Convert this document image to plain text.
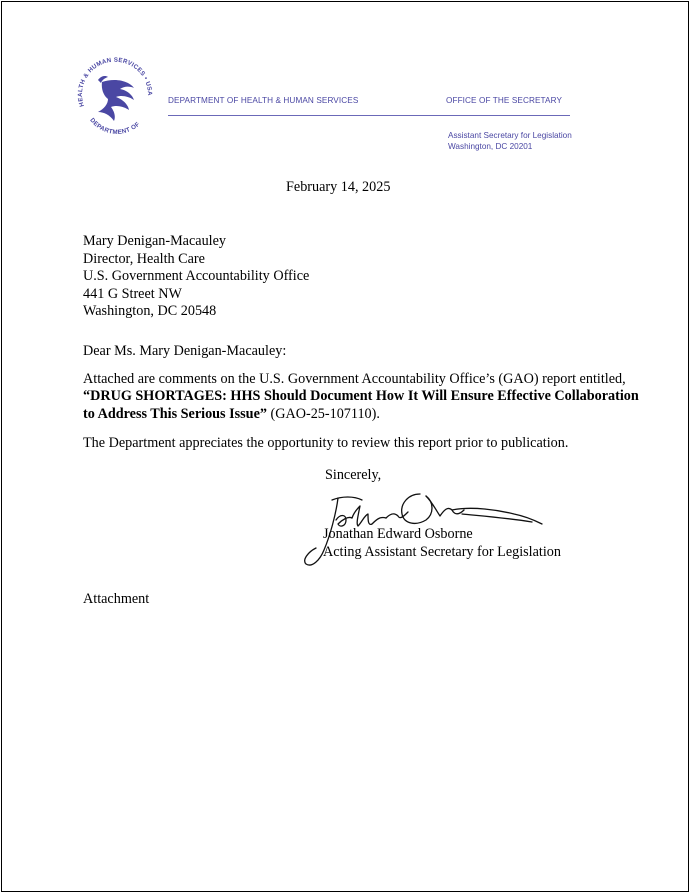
HEALTH & HUMAN SERVICES • USA
DEPARTMENT OF
DEPARTMENT OF HEALTH & HUMAN SERVICES	OFFICE OF THE SECRETARY
Assistant Secretary for Legislation
Washington, DC 20201
February 14, 2025
Mary Denigan-Macauley
Director, Health Care
U.S. Government Accountability Office
441 G Street NW
Washington, DC 20548
Dear Ms. Mary Denigan-Macauley:
Attached are comments on the U.S. Government Accountability Office’s (GAO) report entitled,
“DRUG SHORTAGES: HHS Should Document How It Will Ensure Effective Collaboration
to Address This Serious Issue” (GAO-25-107110).
The Department appreciates the opportunity to review this report prior to publication.
Sincerely,
Jonathan Edward Osborne
Acting Assistant Secretary for Legislation
Attachment
